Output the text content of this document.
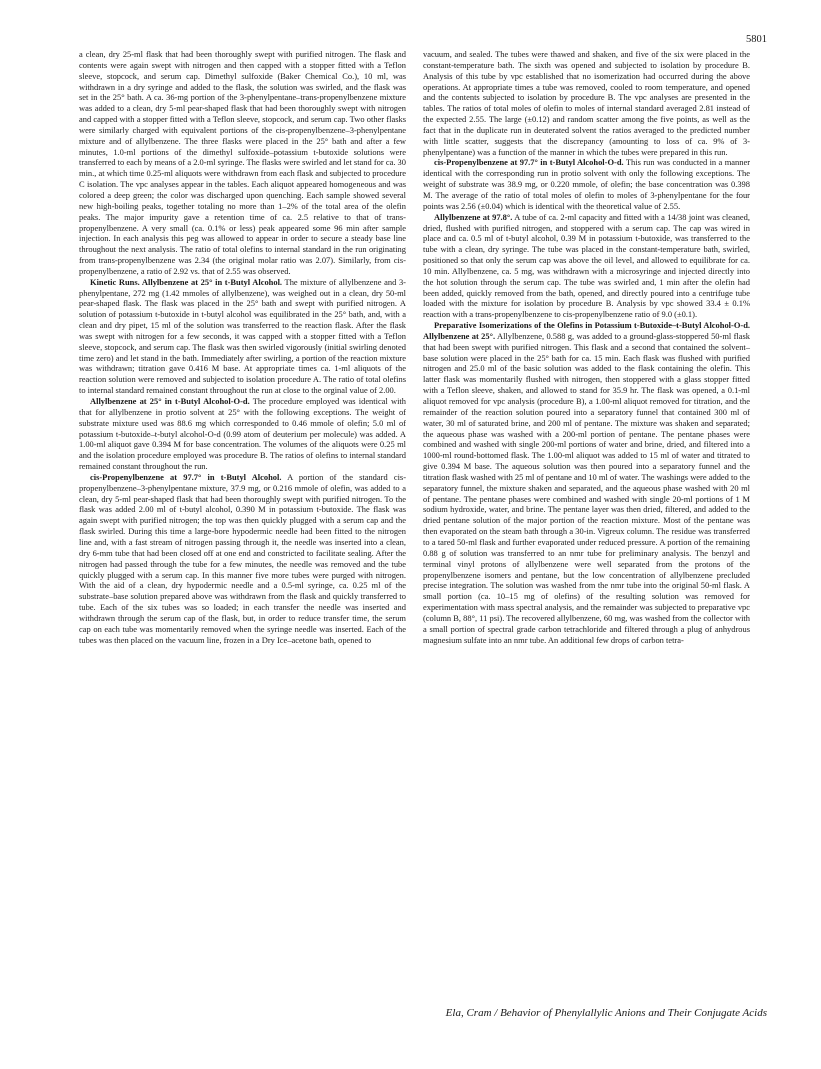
5801

a clean, dry 25-ml flask that had been thoroughly swept with purified nitrogen. The flask and contents were again swept with nitrogen and then capped with a stopper fitted with a Teflon sleeve, stopcock, and serum cap. Dimethyl sulfoxide (Baker Chemical Co.), 10 ml, was withdrawn in a dry syringe and added to the flask, the solution was swirled, and the flask was set in the 25° bath. A ca. 36-mg portion of the 3-phenylpentane–trans-propenylbenzene mixture was added to a clean, dry 5-ml pear-shaped flask that had been thoroughly swept with nitrogen and capped with a stopper fitted with a Teflon sleeve, stopcock, and serum cap. Two other flasks were similarly charged with equivalent portions of the cis-propenylbenzene–3-phenylpentane mixture and of allylbenzene. The three flasks were placed in the 25° bath and after a few minutes, 1.0-ml portions of the dimethyl sulfoxide–potassium t-butoxide solutions were transferred to each by means of a 2.0-ml syringe. The flasks were swirled and let stand for ca. 30 min., at which time 0.25-ml aliquots were withdrawn from each flask and subjected to procedure C isolation. The vpc analyses appear in the tables. Each aliquot appeared homogeneous and was colored a deep green; the color was discharged upon quenching. Each sample showed several new high-boiling peaks, together totaling no more than 1–2% of the total area of the olefin peaks. The major impurity gave a retention time of ca. 2.5 relative to that of trans-propenylbenzene. A very small (ca. 0.1% or less) peak appeared some 96 min after sample injection. In each analysis this peg was allowed to appear in order to secure a steady base line throughout the next analysis. The ratio of total olefins to internal standard in the run originating from trans-propenylbenzene was 2.34 (the original molar ratio was 2.07). Similarly, from cis-propenylbenzene, a ratio of 2.92 vs. that of 2.55 was observed.

Kinetic Runs. Allylbenzene at 25° in t-Butyl Alcohol. The mixture of allylbenzene and 3-phenylpentane, 272 mg (1.42 mmoles of allylbenzene), was weighed out in a clean, dry 50-ml pear-shaped flask. The flask was placed in the 25° bath and swept with purified nitrogen. A solution of potassium t-butoxide in t-butyl alcohol was equilibrated in the 25° bath, and, with a clean and dry pipet, 15 ml of the solution was transferred to the reaction flask. After the flask was swept with nitrogen for a few seconds, it was capped with a stopper fitted with a Teflon sleeve, stopcock, and serum cap. The flask was then swirled vigorously (initial swirling denoted time zero) and let stand in the bath. Immediately after swirling, a portion of the reaction mixture was withdrawn; titration gave 0.416 M base. At appropriate times ca. 1-ml aliquots of the reaction solution were removed and subjected to isolation procedure A. The ratio of total olefins to internal standard remained constant throughout the run at close to the orginal value of 2.00.

Allylbenzene at 25° in t-Butyl Alcohol-O-d. The procedure employed was identical with that for allylbenzene in protio solvent at 25° with the following exceptions. The weight of substrate mixture used was 88.6 mg which corresponded to 0.46 mmole of olefin; 5.0 ml of potassium t-butoxide–t-butyl alcohol-O-d (0.99 atom of deuterium per molecule) was added. A 1.00-ml aliquot gave 0.394 M for base concentration. The volumes of the aliquots were 0.25 ml and the isolation procedure employed was procedure B. The ratios of olefins to internal standard remained constant throughout the run.

cis-Propenylbenzene at 97.7° in t-Butyl Alcohol. A portion of the standard cis-propenylbenzene–3-phenylpentane mixture, 37.9 mg, or 0.216 mmole of olefin, was added to a clean, dry 5-ml pear-shaped flask that had been thoroughly swept with purified nitrogen. To the flask was added 2.00 ml of t-butyl alcohol, 0.390 M in potassium t-butoxide. The flask was again swept with purified nitrogen; the top was then quickly plugged with a serum cap and the flask swirled. During this time a large-bore hypodermic needle had been fitted to the nitrogen line and, with a fast stream of nitrogen passing through it, the needle was inserted into a clean, dry 6-mm tube that had been closed off at one end and constricted to facilitate sealing. After the nitrogen had passed through the tube for a few minutes, the needle was removed and the tube quickly plugged with a serum cap. In this manner five more tubes were purged with nitrogen. With the aid of a clean, dry hypodermic needle and a 0.5-ml syringe, ca. 0.25 ml of the substrate–base solution prepared above was withdrawn from the flask and quickly transferred to tube. Each of the six tubes was so loaded; in each transfer the needle was inserted and withdrawn through the serum cap of the flask, but, in order to reduce transfer time, the serum cap on each tube was momentarily removed when the syringe needle was inserted. Each of the tubes was then placed on the vacuum line, frozen in a Dry Ice–acetone bath, opened to

vacuum, and sealed. The tubes were thawed and shaken, and five of the six were placed in the constant-temperature bath. The sixth was opened and subjected to isolation by procedure B. Analysis of this tube by vpc established that no isomerization had occurred during the above operations. At appropriate times a tube was removed, cooled to room temperature, and opened and the contents subjected to isolation by procedure B. The vpc analyses are presented in the tables. The ratios of total moles of olefin to moles of internal standard averaged 2.81 instead of the expected 2.55. The large (±0.12) and random scatter among the five points, as well as the fact that in the duplicate run in deuterated solvent the ratios averaged to the predicted number with little scatter, suggests that the discrepancy (amounting to loss of ca. 9% of 3-phenylpentane) was a function of the manner in which the tubes were prepared in this run.

cis-Propenylbenzene at 97.7° in t-Butyl Alcohol-O-d. This run was conducted in a manner identical with the corresponding run in protio solvent with only the following exceptions. The weight of substrate was 38.9 mg, or 0.220 mmole, of olefin; the base concentration was 0.398 M. The average of the ratio of total moles of olefin to moles of 3-phenylpentane for the four points was 2.56 (±0.04) which is identical with the theoretical value of 2.55.

Allylbenzene at 97.8°. A tube of ca. 2-ml capacity and fitted with a 14/38 joint was cleaned, dried, flushed with purified nitrogen, and stoppered with a serum cap. The cap was wired in place and ca. 0.5 ml of t-butyl alcohol, 0.39 M in potassium t-butoxide, was transferred to the tube with a clean, dry syringe. The tube was placed in the constant-temperature bath, swirled, positioned so that only the serum cap was above the oil level, and allowed to equilibrate for ca. 10 min. Allylbenzene, ca. 5 mg, was withdrawn with a microsyringe and injected directly into the hot solution through the serum cap. The tube was swirled and, 1 min after the olefin had been added, quickly removed from the bath, opened, and directly poured into a centrifuge tube loaded with the mixture for isolation by procedure B. Analysis by vpc showed 33.4 ± 0.1% reaction with a trans-propenylbenzene to cis-propenylbenzene ratio of 9.0 (±0.1).

Preparative Isomerizations of the Olefins in Potassium t-Butoxide–t-Butyl Alcohol-O-d. Allylbenzene at 25°. Allylbenzene, 0.588 g, was added to a ground-glass-stoppered 50-ml flask that had been swept with purified nitrogen. This flask and a second that contained the solvent–base solution were placed in the 25° bath for ca. 15 min. Each flask was flushed with purified nitrogen and 25.0 ml of the basic solution was added to the flask containing the olefin. This latter flask was momentarily flushed with nitrogen, then stoppered with a glass stopper fitted with a Teflon sleeve, shaken, and allowed to stand for 35.9 hr. The flask was opened, a 0.1-ml aliquot removed for vpc analysis (procedure B), a 1.00-ml aliquot removed for titration, and the remainder of the reaction solution poured into a separatory funnel that contained 300 ml of water, 30 ml of saturated brine, and 200 ml of pentane. The mixture was shaken and separated; the aqueous phase was washed with a 200-ml portion of pentane. The pentane phases were combined and washed with single 200-ml portions of water and brine, dried, and filtered into a 1000-ml round-bottomed flask. The 1.00-ml aliquot was added to 15 ml of water and titrated to give 0.394 M base. The aqueous solution was then poured into a separatory funnel and the titration flask washed with 25 ml of pentane and 10 ml of water. The washings were added to the separatory funnel, the mixture shaken and separated, and the aqueous phase washed with 20 ml of pentane. The pentane phases were combined and washed with single 20-ml portions of 1 M sodium hydroxide, water, and brine. The pentane layer was then dried, filtered, and added to the dried pentane solution of the major portion of the reaction mixture. Most of the pentane was then evaporated on the steam bath through a 30-in. Vigreux column. The residue was transferred to a tared 50-ml flask and further evaporated under reduced pressure. A portion of the remaining 0.88 g of solution was transferred to an nmr tube for preliminary analysis. The benzyl and terminal vinyl protons of allylbenzene were well separated from the protons of the propenylbenzene isomers and pentane, but the low concentration of allylbenzene precluded precise integration. The solution was washed from the nmr tube into the original 50-ml flask. A small portion (ca. 10–15 mg of olefins) of the resulting solution was removed for experimentation with mass spectral analysis, and the remainder was subjected to preparative vpc (column B, 88°, 11 psi). The recovered allylbenzene, 60 mg, was washed from the collector with a small portion of spectral grade carbon tetrachloride and filtered through a plug of anhydrous magnesium sulfate into an nmr tube. An additional few drops of carbon tetra-

Ela, Cram / Behavior of Phenylallylic Anions and Their Conjugate Acids
